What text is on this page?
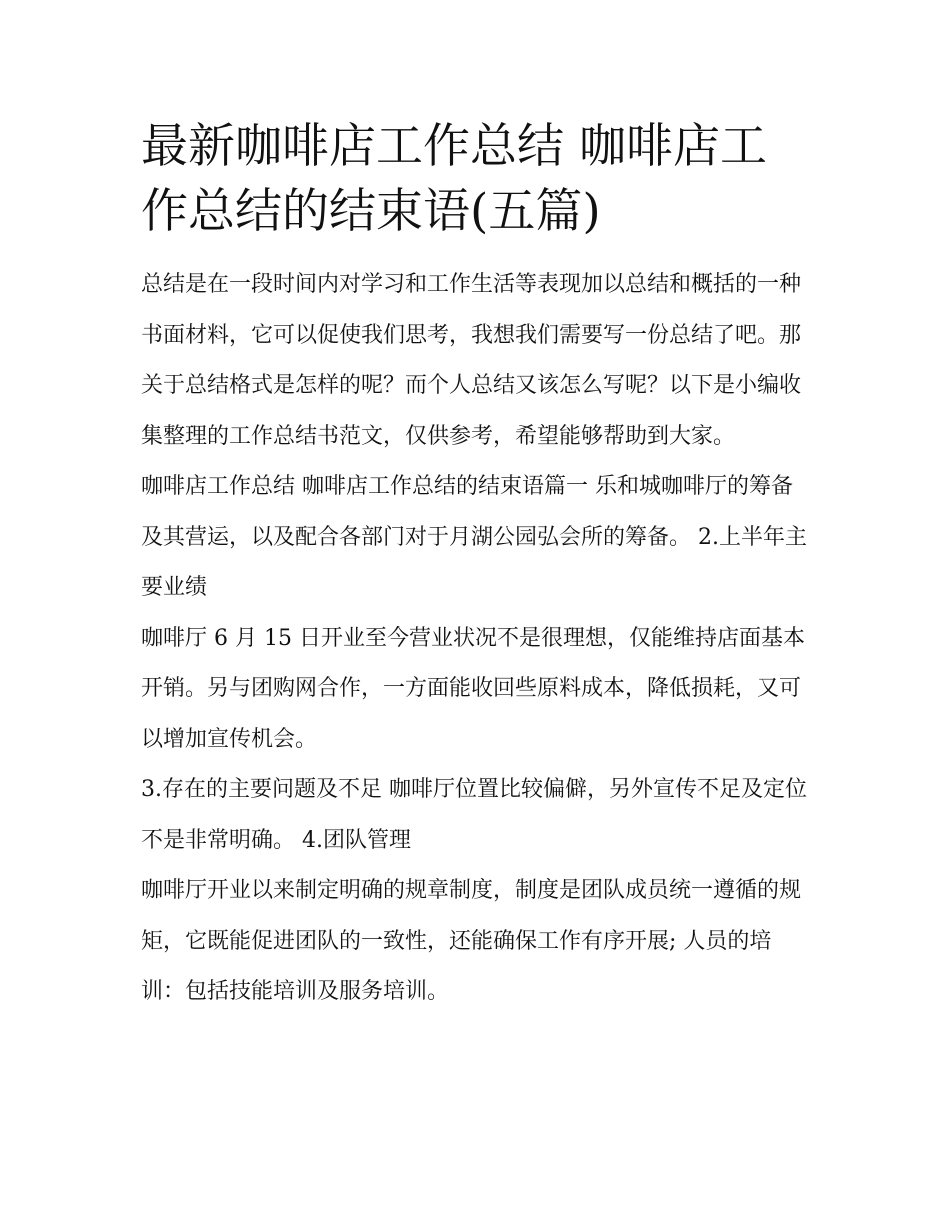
最新咖啡店工作总结 咖啡店工作总结的结束语(五篇)

总结是在一段时间内对学习和工作生活等表现加以总结和概括的一种书面材料，它可以促使我们思考，我想我们需要写一份总结了吧。那关于总结格式是怎样的呢？而个人总结又该怎么写呢？以下是小编收集整理的工作总结书范文，仅供参考，希望能够帮助到大家。

咖啡店工作总结 咖啡店工作总结的结束语篇一 乐和城咖啡厅的筹备及其营运，以及配合各部门对于月湖公园弘会所的筹备。 2.上半年主要业绩

咖啡厅 6 月 15 日开业至今营业状况不是很理想，仅能维持店面基本开销。另与团购网合作，一方面能收回些原料成本，降低损耗，又可以增加宣传机会。

3.存在的主要问题及不足 咖啡厅位置比较偏僻，另外宣传不足及定位不是非常明确。 4.团队管理

咖啡厅开业以来制定明确的规章制度，制度是团队成员统一遵循的规矩，它既能促进团队的一致性，还能确保工作有序开展; 人员的培训：包括技能培训及服务培训。
